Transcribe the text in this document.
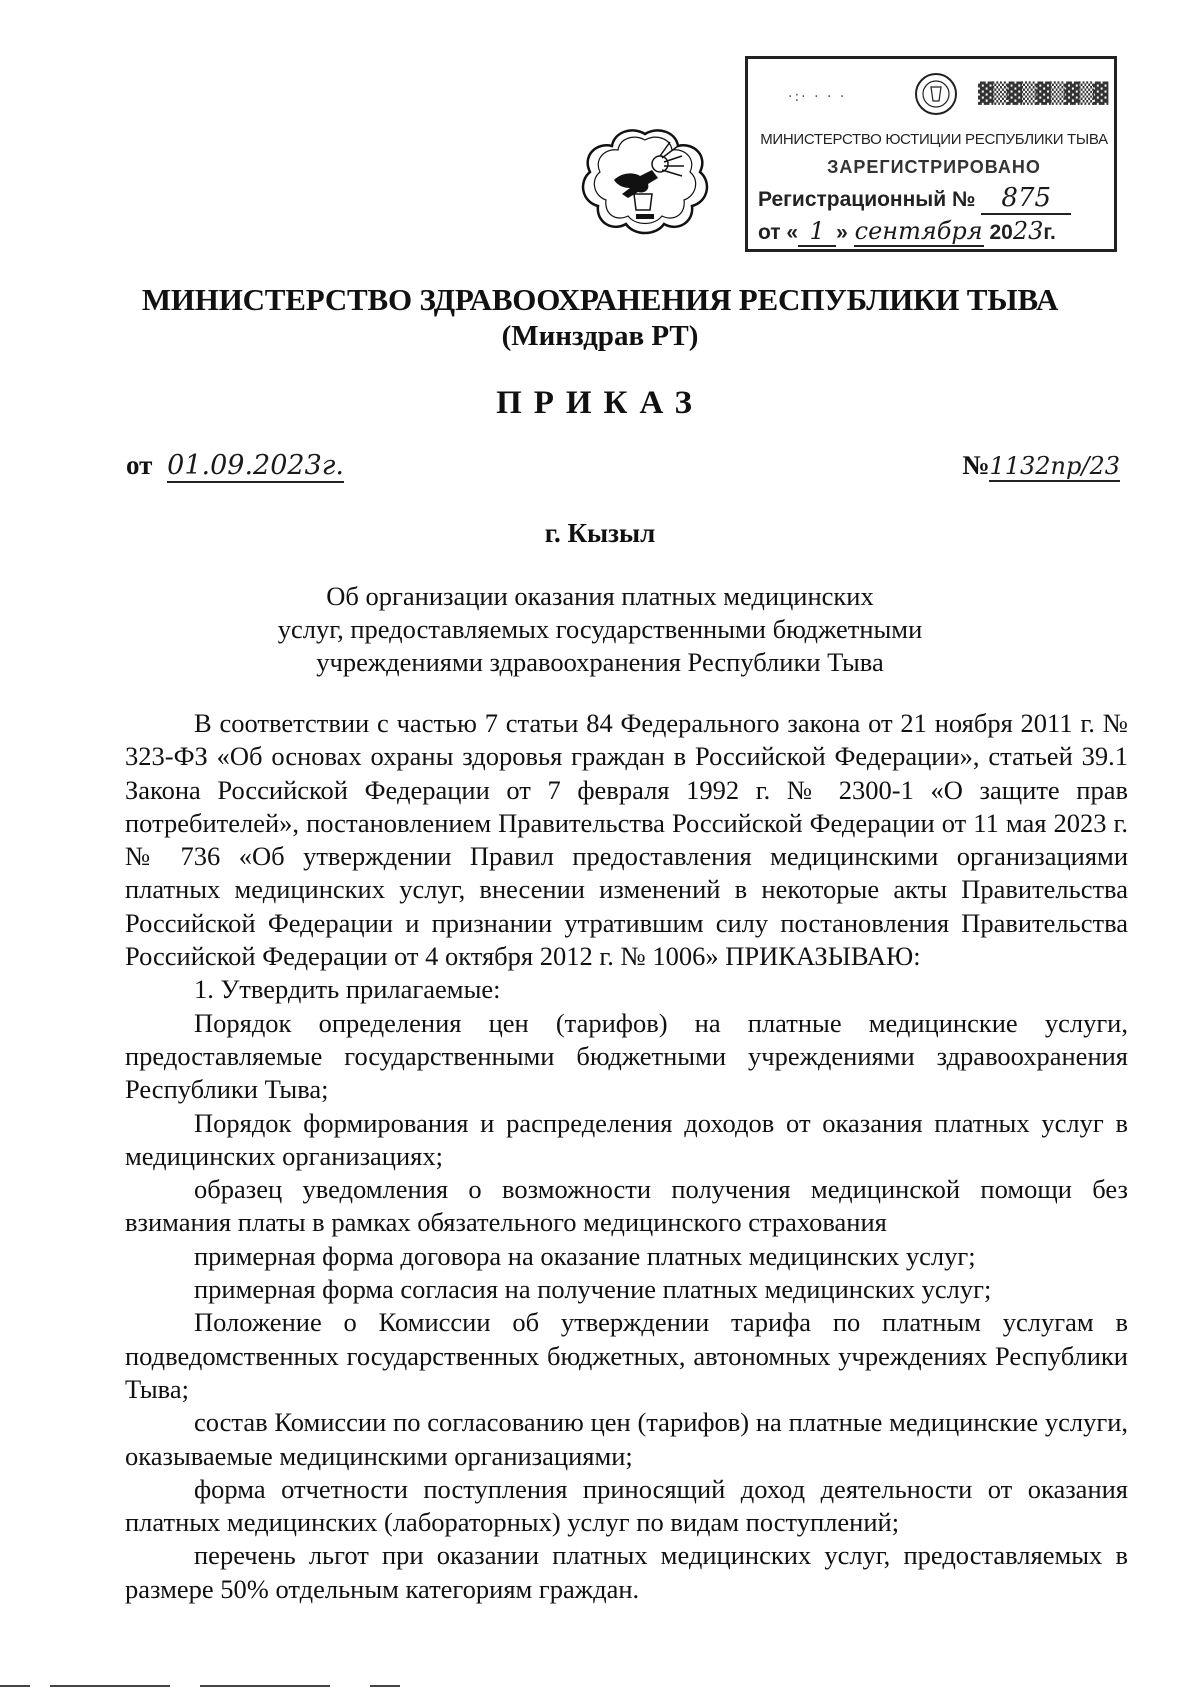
·:· · · ·	▓▒▓▒▓▒▓▒▓
МИНИСТЕРСТВО ЮСТИЦИИ РЕСПУБЛИКИ ТЫВА
ЗАРЕГИСТРИРОВАНО
Регистрационный № 875
от « 1 » сентября 2023г.
МИНИСТЕРСТВО ЗДРАВООХРАНЕНИЯ РЕСПУБЛИКИ ТЫВА
(Минздрав РТ)
ПРИКАЗ
от 01.09.2023г.	№1132пр/23
г. Кызыл
Об организации оказания платных медицинских
услуг, предоставляемых государственными бюджетными
учреждениями здравоохранения Республики Тыва

В соответствии с частью 7 статьи 84 Федерального закона от 21 ноября 2011 г. № 323-ФЗ «Об основах охраны здоровья граждан в Российской Федерации», статьей 39.1 Закона Российской Федерации от 7 февраля 1992 г. № 2300-1 «О защите прав потребителей», постановлением Правительства Российской Федерации от 11 мая 2023 г. № 736 «Об утверждении Правил предоставления медицинскими организациями платных медицинских услуг, внесении изменений в некоторые акты Правительства Российской Федерации и признании утратившим силу постановления Правительства Российской Федерации от 4 октября 2012 г. № 1006» ПРИКАЗЫВАЮ:

1. Утвердить прилагаемые:

Порядок определения цен (тарифов) на платные медицинские услуги, предоставляемые государственными бюджетными учреждениями здравоохранения Республики Тыва;

Порядок формирования и распределения доходов от оказания платных услуг в медицинских организациях;

образец уведомления о возможности получения медицинской помощи без взимания платы в рамках обязательного медицинского страхования

примерная форма договора на оказание платных медицинских услуг;

примерная форма согласия на получение платных медицинских услуг;

Положение о Комиссии об утверждении тарифа по платным услугам в подведомственных государственных бюджетных, автономных учреждениях Республики Тыва;

состав Комиссии по согласованию цен (тарифов) на платные медицинские услуги, оказываемые медицинскими организациями;

форма отчетности поступления приносящий доход деятельности от оказания платных медицинских (лабораторных) услуг по видам поступлений;

перечень льгот при оказании платных медицинских услуг, предоставляемых в размере 50% отдельным категориям граждан.
